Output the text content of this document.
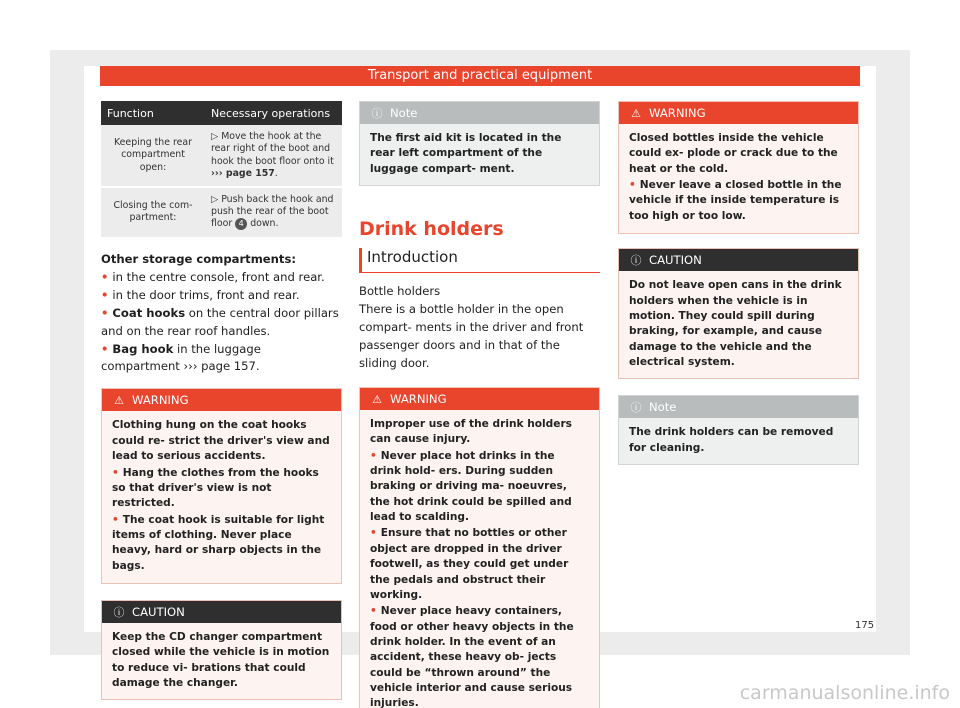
Transport and practical equipment
Function	Necessary operations
Keeping the rear compartment open:	▷ Move the hook at the rear right of the boot and hook the boot floor onto it ››› page 157.
Closing the com- partment:	▷ Push back the hook and push the rear of the boot floor 4 down.
Other storage compartments:
• in the centre console, front and rear.
• in the door trims, front and rear.
• Coat hooks on the central door pillars and on the rear roof handles.
• Bag hook in the luggage compartment ››› page 157.
⚠ WARNING

Clothing hung on the coat hooks could re- strict the driver's view and lead to serious accidents.

• Hang the clothes from the hooks so that driver's view is not restricted.

• The coat hook is suitable for light items of clothing. Never place heavy, hard or sharp objects in the bags.

ⓘ CAUTION
Keep the CD changer compartment closed while the vehicle is in motion to reduce vi- brations that could damage the changer.
ⓘ Note
The first aid kit is located in the rear left compartment of the luggage compart- ment.
Drink holders
Introduction
Bottle holders
There is a bottle holder in the open compart- ments in the driver and front passenger doors and in that of the sliding door.
⚠ WARNING

Improper use of the drink holders can cause injury.

• Never place hot drinks in the drink hold- ers. During sudden braking or driving ma- noeuvres, the hot drink could be spilled and lead to scalding.

• Ensure that no bottles or other object are dropped in the driver footwell, as they could get under the pedals and obstruct their working.

• Never place heavy containers, food or other heavy objects in the drink holder. In the event of an accident, these heavy ob- jects could be “thrown around” the vehicle interior and cause serious injuries.

⚠ WARNING

Closed bottles inside the vehicle could ex- plode or crack due to the heat or the cold.

• Never leave a closed bottle in the vehicle if the inside temperature is too high or too low.

ⓘ CAUTION
Do not leave open cans in the drink holders when the vehicle is in motion. They could spill during braking, for example, and cause damage to the vehicle and the electrical system.
ⓘ Note
The drink holders can be removed for cleaning.
175
carmanualsonline.info
